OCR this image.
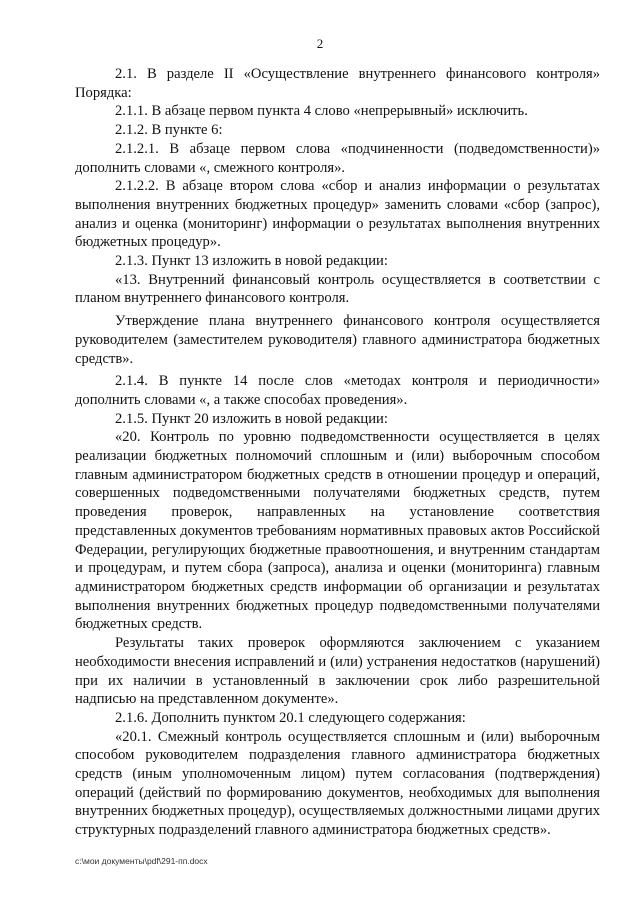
2

2.1. В разделе II «Осуществление внутреннего финансового контроля» Порядка:

2.1.1. В абзаце первом пункта 4 слово «непрерывный» исключить.

2.1.2. В пункте 6:

2.1.2.1. В абзаце первом слова «подчиненности (подведомственности)» дополнить словами «, смежного контроля».

2.1.2.2. В абзаце втором слова «сбор и анализ информации о результатах выполнения внутренних бюджетных процедур» заменить словами «сбор (запрос), анализ и оценка (мониторинг) информации о результатах выполнения внутренних бюджетных процедур».

2.1.3. Пункт 13 изложить в новой редакции:

«13. Внутренний финансовый контроль осуществляется в соответствии с планом внутреннего финансового контроля.

Утверждение плана внутреннего финансового контроля осуществляется руководителем (заместителем руководителя) главного администратора бюджетных средств».

2.1.4. В пункте 14 после слов «методах контроля и периодичности» дополнить словами «, а также способах проведения».

2.1.5. Пункт 20 изложить в новой редакции:

«20. Контроль по уровню подведомственности осуществляется в целях реализации бюджетных полномочий сплошным и (или) выборочным способом главным администратором бюджетных средств в отношении процедур и операций, совершенных подведомственными получателями бюджетных средств, путем проведения проверок, направленных на установление соответствия представленных документов требованиям нормативных правовых актов Российской Федерации, регулирующих бюджетные правоотношения, и внутренним стандартам и процедурам, и путем сбора (запроса), анализа и оценки (мониторинга) главным администратором бюджетных средств информации об организации и результатах выполнения внутренних бюджетных процедур подведомственными получателями бюджетных средств.

Результаты таких проверок оформляются заключением с указанием необходимости внесения исправлений и (или) устранения недостатков (нарушений) при их наличии в установленный в заключении срок либо разрешительной надписью на представленном документе».

2.1.6. Дополнить пунктом 20.1 следующего содержания:

«20.1. Смежный контроль осуществляется сплошным и (или) выборочным способом руководителем подразделения главного администратора бюджетных средств (иным уполномоченным лицом) путем согласования (подтверждения) операций (действий по формированию документов, необходимых для выполнения внутренних бюджетных процедур), осуществляемых должностными лицами других структурных подразделений главного администратора бюджетных средств».

c:\мои документы\pdf\291-пп.docx
